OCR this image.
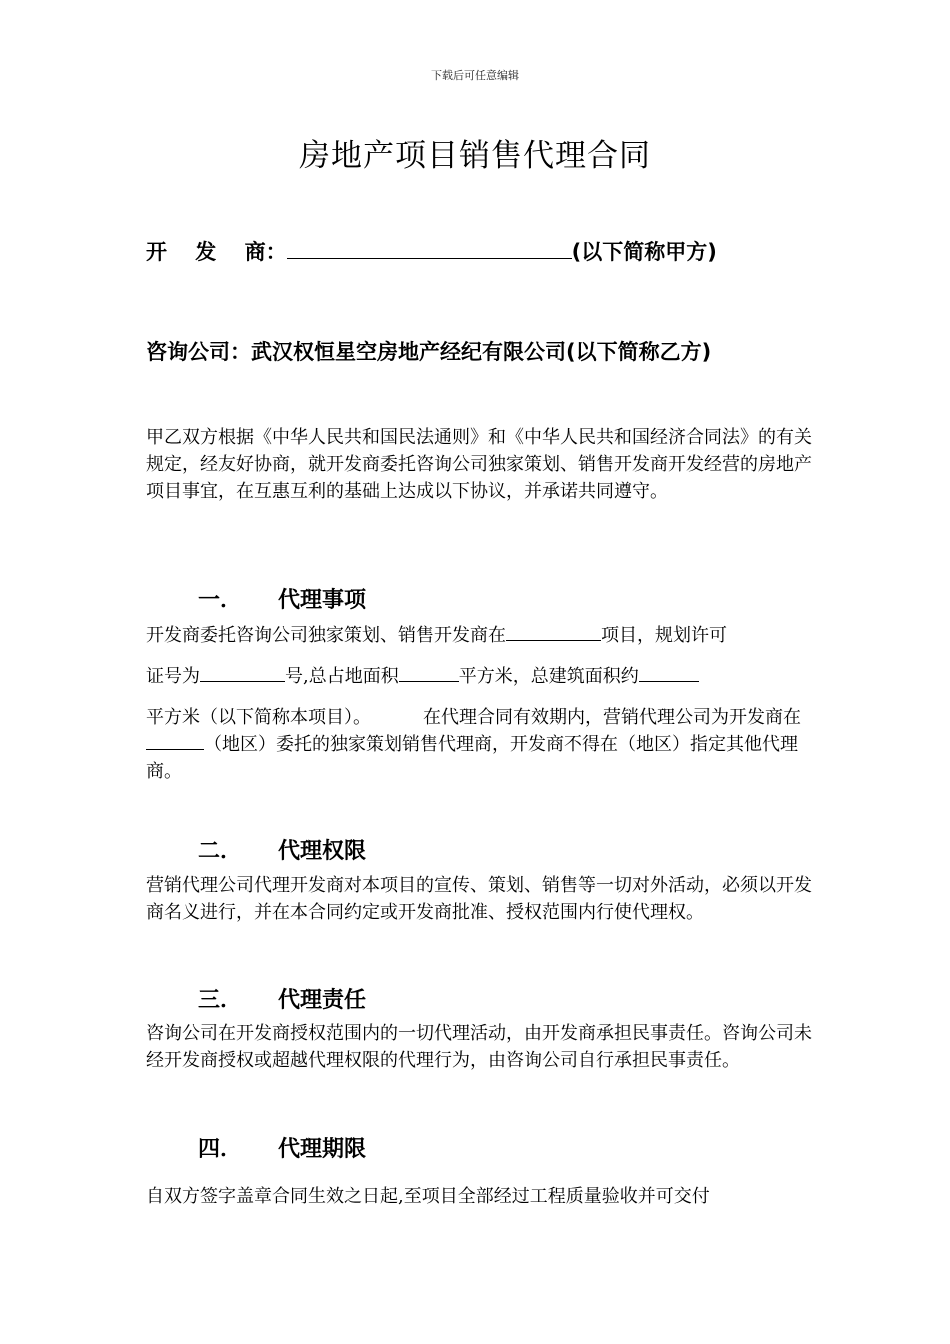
下载后可任意编辑
房地产项目销售代理合同
开　 发　 商：	(以下简称甲方)
咨询公司：武汉权恒星空房地产经纪有限公司(以下简称乙方)
甲乙双方根据《中华人民共和国民法通则》和《中华人民共和国经济合同法》的有关规定，经友好协商，就开发商委托咨询公司独家策划、销售开发商开发经营的房地产项目事宜，在互惠互利的基础上达成以下协议，并承诺共同遵守。
一． 代理事项

开发商委托咨询公司独家策划、销售开发商在	项目，规划许可

证号为	号,总占地面积	平方米，总建筑面积约

平方米（以下简称本项目）。	在代理合同有效期内，营销代理公司为开发商在（地区）委托的独家策划销售代理商，开发商不得在（地区）指定其他代理商。

二． 代理权限
营销代理公司代理开发商对本项目的宣传、策划、销售等一切对外活动，必须以开发商名义进行，并在本合同约定或开发商批准、授权范围内行使代理权。
三． 代理责任
咨询公司在开发商授权范围内的一切代理活动，由开发商承担民事责任。咨询公司未经开发商授权或超越代理权限的代理行为，由咨询公司自行承担民事责任。
四． 代理期限
自双方签字盖章合同生效之日起,至项目全部经过工程质量验收并可交付
